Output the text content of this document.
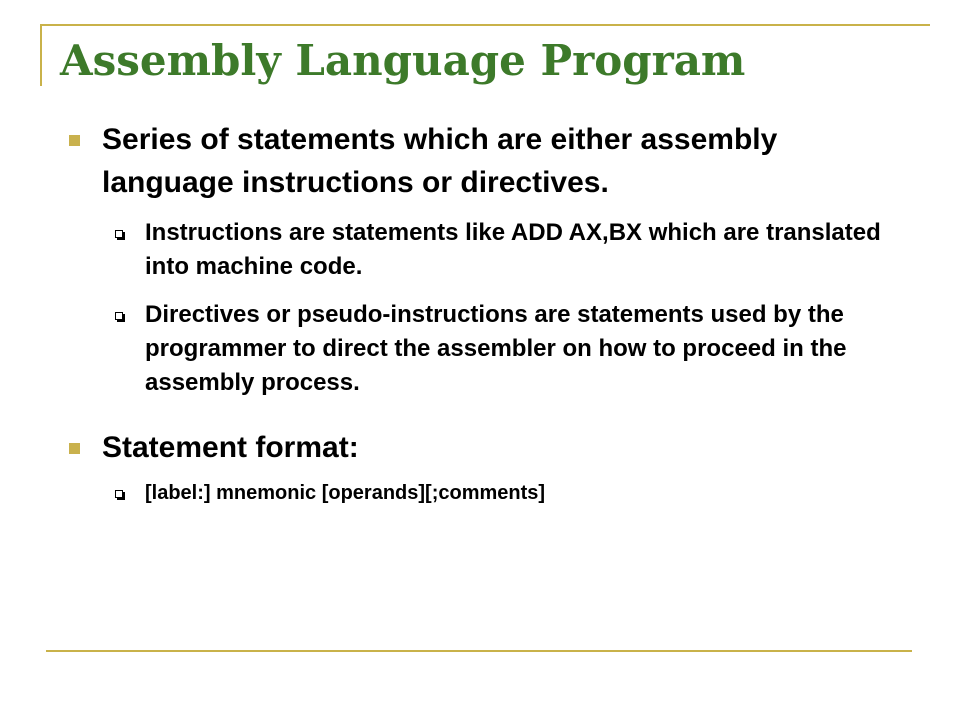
Assembly Language Program
Series of statements which are either assembly language instructions or directives.
Instructions are statements like ADD AX,BX which are translated into machine code.
Directives or pseudo-instructions are statements used by the programmer to direct the assembler on how to proceed in the assembly process.
Statement format:
[label:] mnemonic [operands][;comments]
